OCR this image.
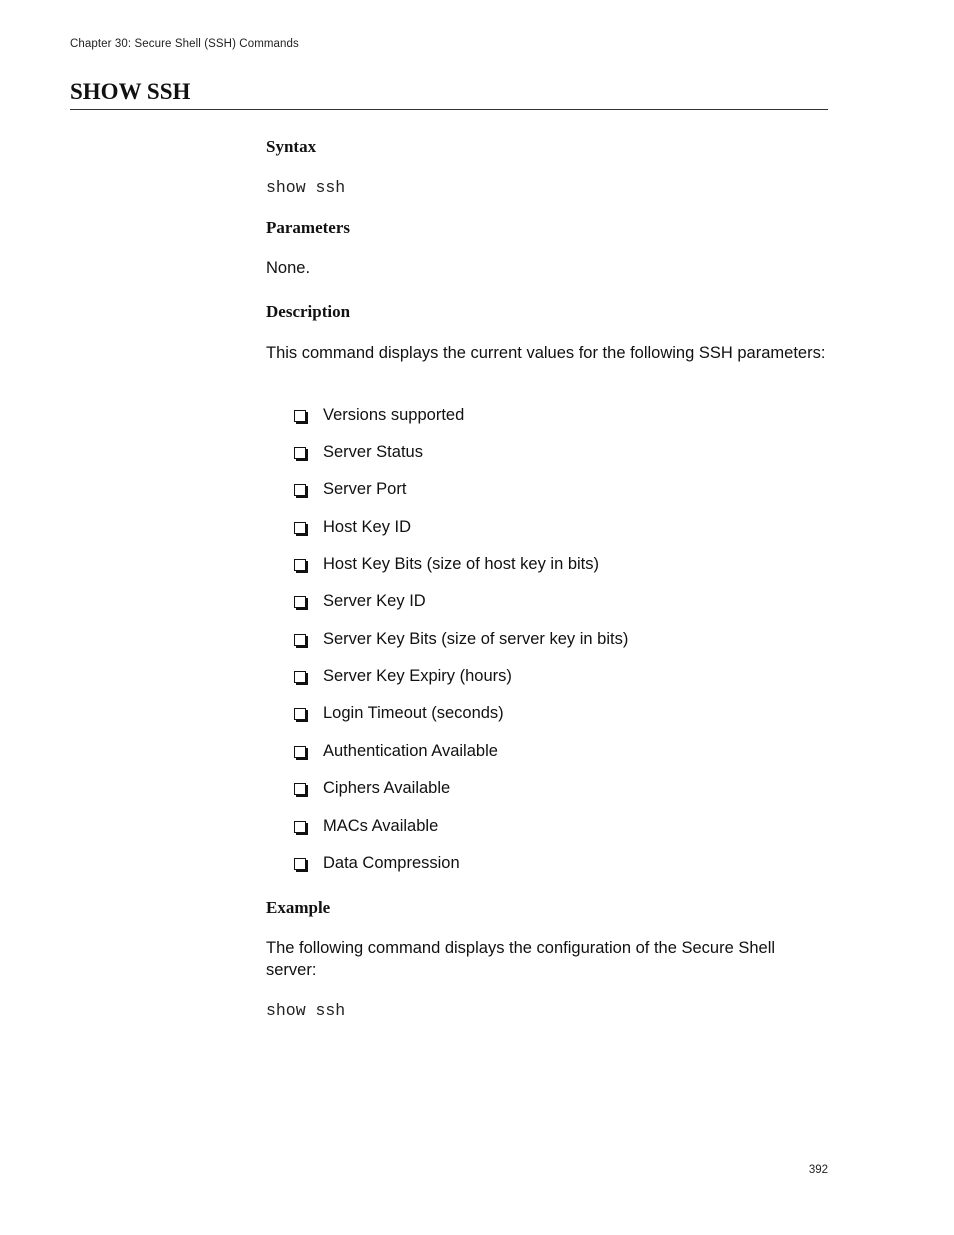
Chapter 30: Secure Shell (SSH) Commands
SHOW SSH
Syntax
show ssh
Parameters

None.

Description

This command displays the current values for the following SSH parameters:

Versions supported
Server Status
Server Port
Host Key ID
Host Key Bits (size of host key in bits)
Server Key ID
Server Key Bits (size of server key in bits)
Server Key Expiry (hours)
Login Timeout (seconds)
Authentication Available
Ciphers Available
MACs Available
Data Compression
Example

The following command displays the configuration of the Secure Shell server:

show ssh
392
